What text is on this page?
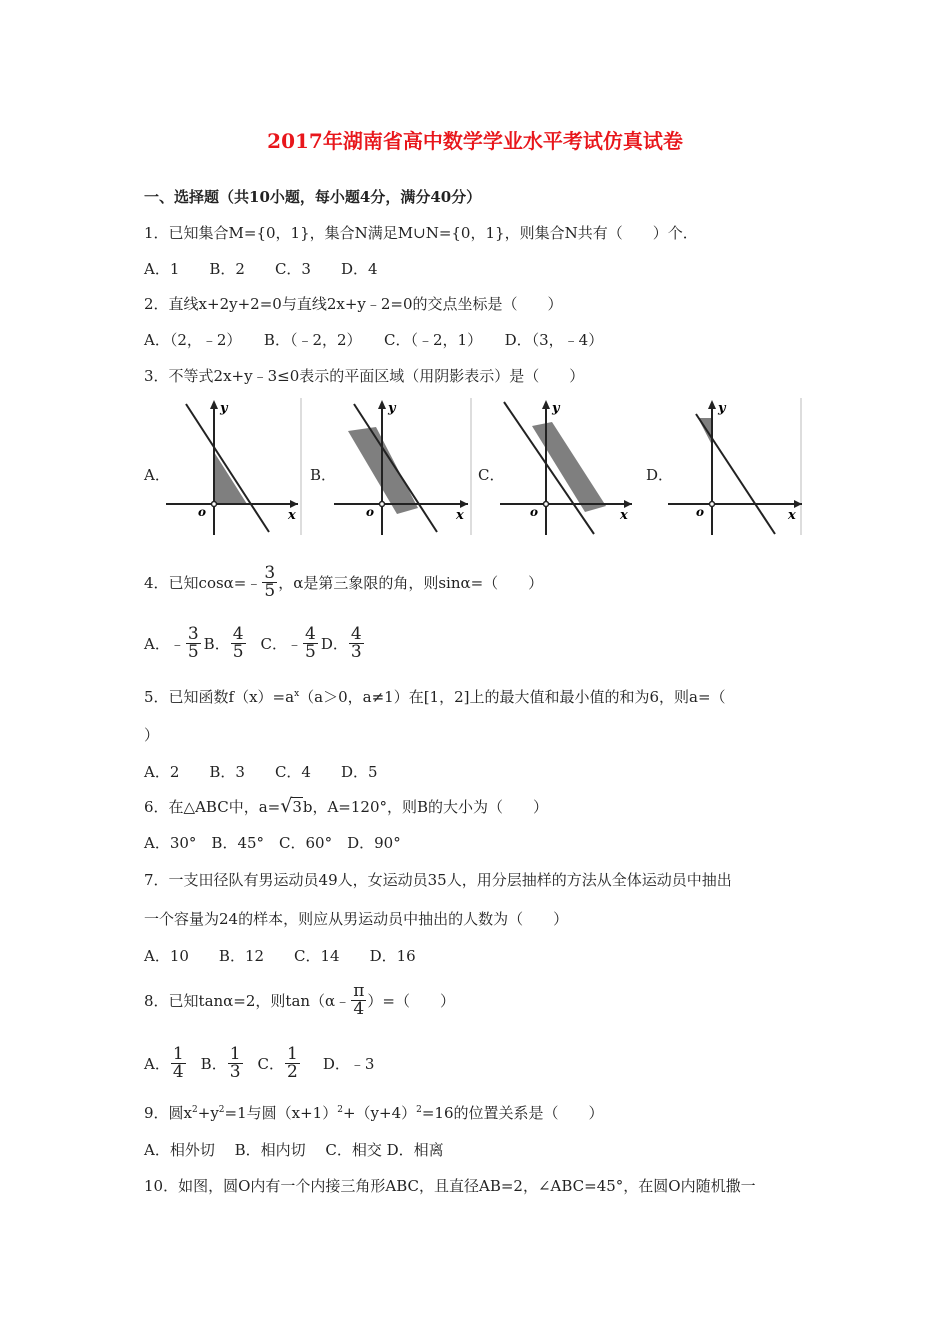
2017年湖南省高中数学学业水平考试仿真试卷
一、选择题（共10小题，每小题4分，满分40分）
1．已知集合M={0，1}，集合N满足M∪N={0，1}，则集合N共有（　　）个．
A．1　　B．2　　C．3　　D．4
2．直线x+2y+2=0与直线2x+y﹣2=0的交点坐标是（　　）
A．（2，﹣2）　　B．（﹣2，2）　　C．（﹣2，1）　　D．（3，﹣4）
3．不等式2x+y﹣3≤0表示的平面区域（用阴影表示）是（　　）
A．	B．	C．	D．
y
x
o
y
x
o
y
x
o
y
x
o
4．已知cosα=﹣ $\frac{3}{5}$ ，α是第三象限的角，则sinα=（　　）
A．﹣ $\frac{3}{5}$ B． $\frac{4}{5}$ C．﹣ $\frac{4}{5}$ D． $\frac{4}{3}$
5．已知函数$f(x)=a^x(a>0$，a≠1）在[1，2]上的最大值和最小值的和为6，则a=（
）
A．2　　B．3　　C．4　　D．5
6．在△ABC中，a=√3b，A=120°，则B的大小为（　　）
A．30°　B．45°　C．60°　D．90°
7．一支田径队有男运动员49人，女运动员35人，用分层抽样的方法从全体运动员中抽出
一个容量为24的样本，则应从男运动员中抽出的人数为（　　）
A．10　　B．12　　C．14　　D．16
8．已知tanα=2，则tan（α﹣ $\frac{\pi}{4}$ ）=（　　）
A． $\frac{1}{4}$ B． $\frac{1}{3}$ C． $\frac{1}{2}$ D．﹣3
9．圆$x^2+y^2=1$与圆$(x+1)^2+(y+4)^2=16$的位置关系是（　　）
A．相外切　 B．相内切　 C．相交 D．相离
10．如图，圆O内有一个内接三角形ABC，且直径AB=2，∠ABC=45°，在圆O内随机撒一
